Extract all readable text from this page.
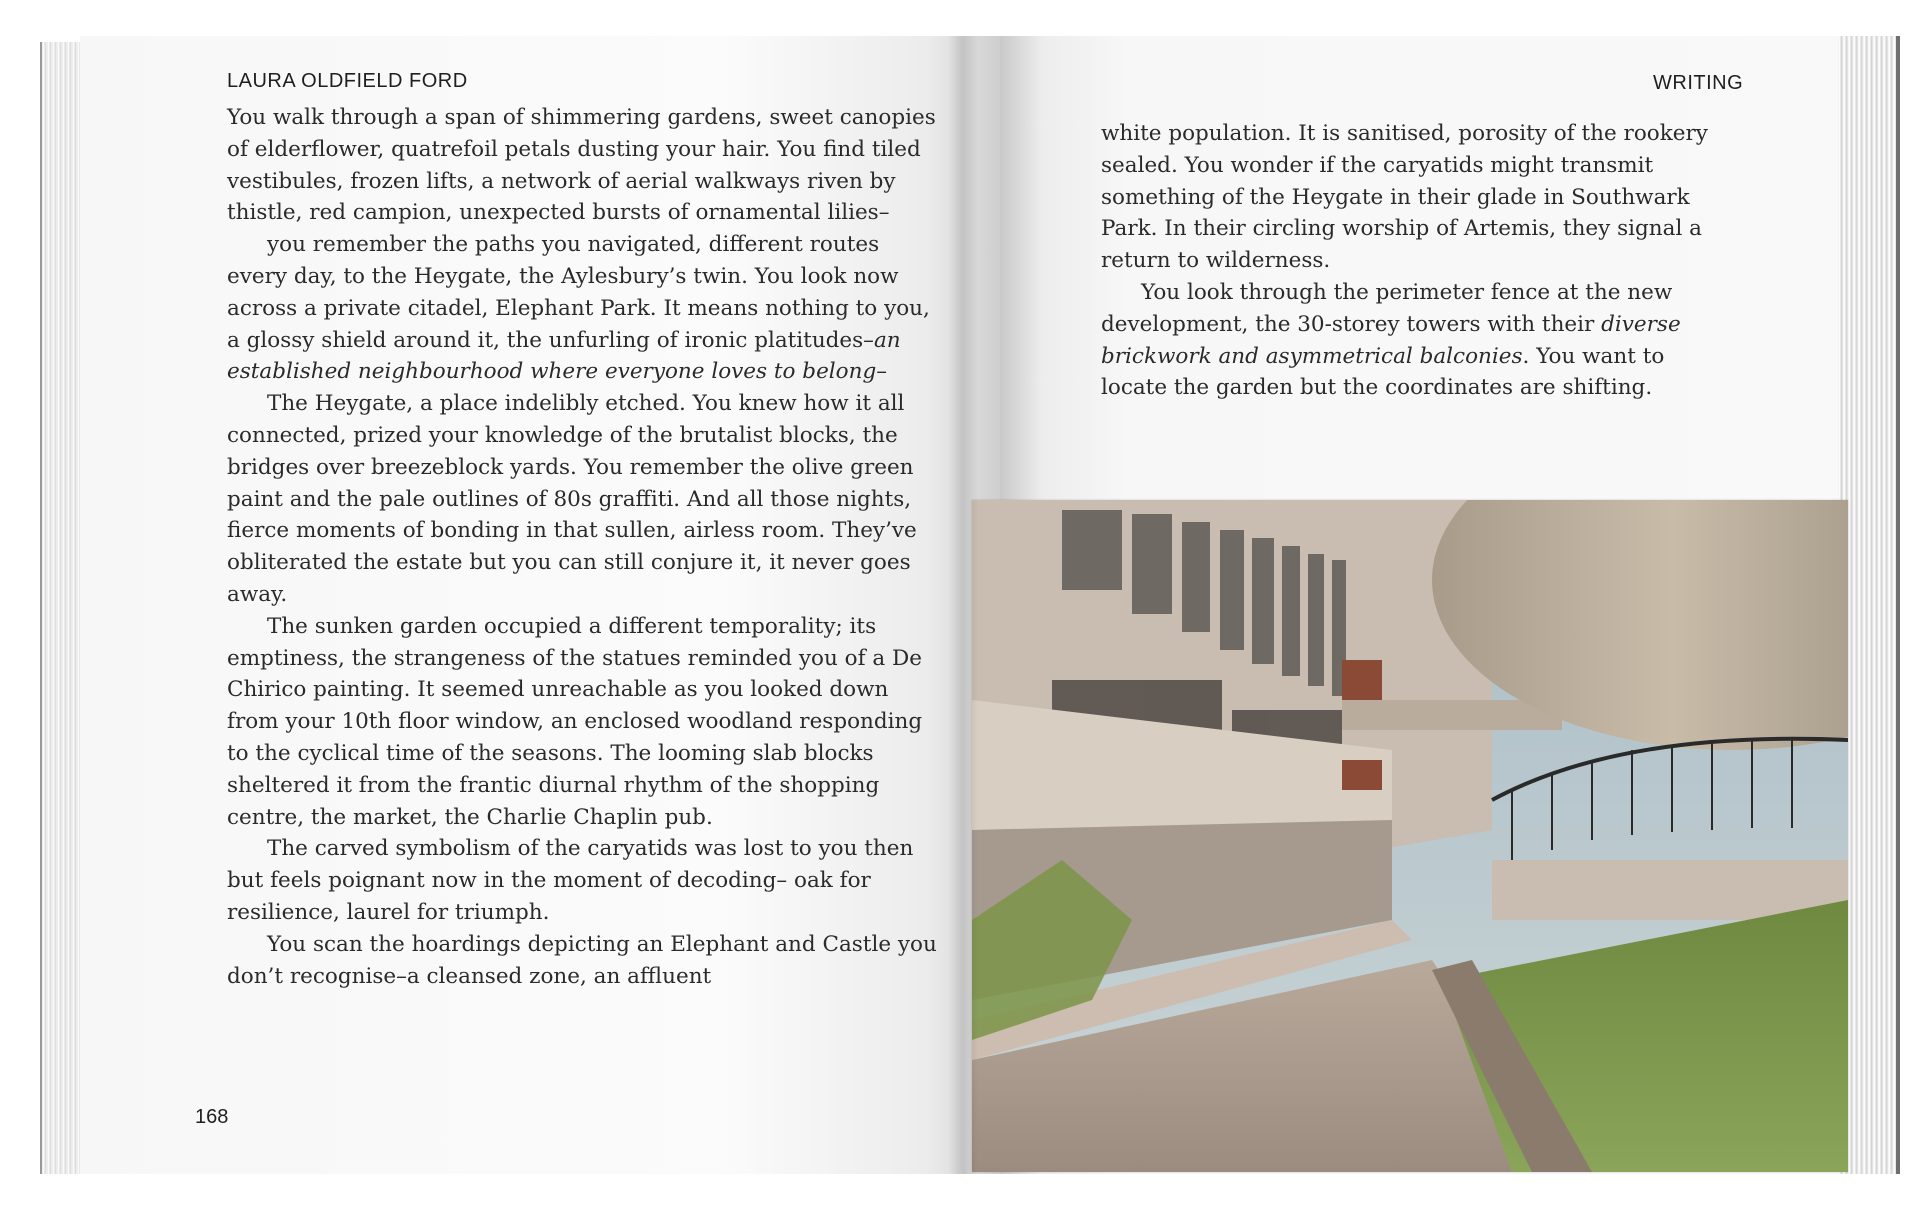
LAURA OLDFIELD FORD

You walk through a span of shimmering gardens, sweet canopies of elderflower, quatrefoil petals dusting your hair. You find tiled vestibules, frozen lifts, a network of aerial walkways riven by thistle, red campion, unexpected bursts of ornamental lilies–

you remember the paths you navigated, different routes every day, to the Heygate, the Aylesbury’s twin. You look now across a private citadel, Elephant Park. It means nothing to you, a glossy shield around it, the unfurling of ironic platitudes–an established neighbourhood where everyone loves to belong–

The Heygate, a place indelibly etched. You knew how it all connected, prized your knowledge of the brutalist blocks, the bridges over breezeblock yards. You remember the olive green paint and the pale outlines of 80s graffiti. And all those nights, fierce moments of bonding in that sullen, airless room. They’ve obliterated the estate but you can still conjure it, it never goes away.

The sunken garden occupied a different temporality; its emptiness, the strangeness of the statues reminded you of a De Chirico painting. It seemed unreachable as you looked down from your 10th floor window, an enclosed woodland responding to the cyclical time of the seasons. The looming slab blocks sheltered it from the frantic diurnal rhythm of the shopping centre, the market, the Charlie Chaplin pub.

The carved symbolism of the caryatids was lost to you then but feels poignant now in the moment of decoding– oak for resilience, laurel for triumph.

You scan the hoardings depicting an Elephant and Castle you don’t recognise–a cleansed zone, an affluent

168
WRITING

white population. It is sanitised, porosity of the rookery sealed. You wonder if the caryatids might transmit something of the Heygate in their glade in Southwark Park. In their circling worship of Artemis, they signal a return to wilderness.

You look through the perimeter fence at the new development, the 30-storey towers with their diverse brickwork and asymmetrical balconies. You want to locate the garden but the coordinates are shifting.
